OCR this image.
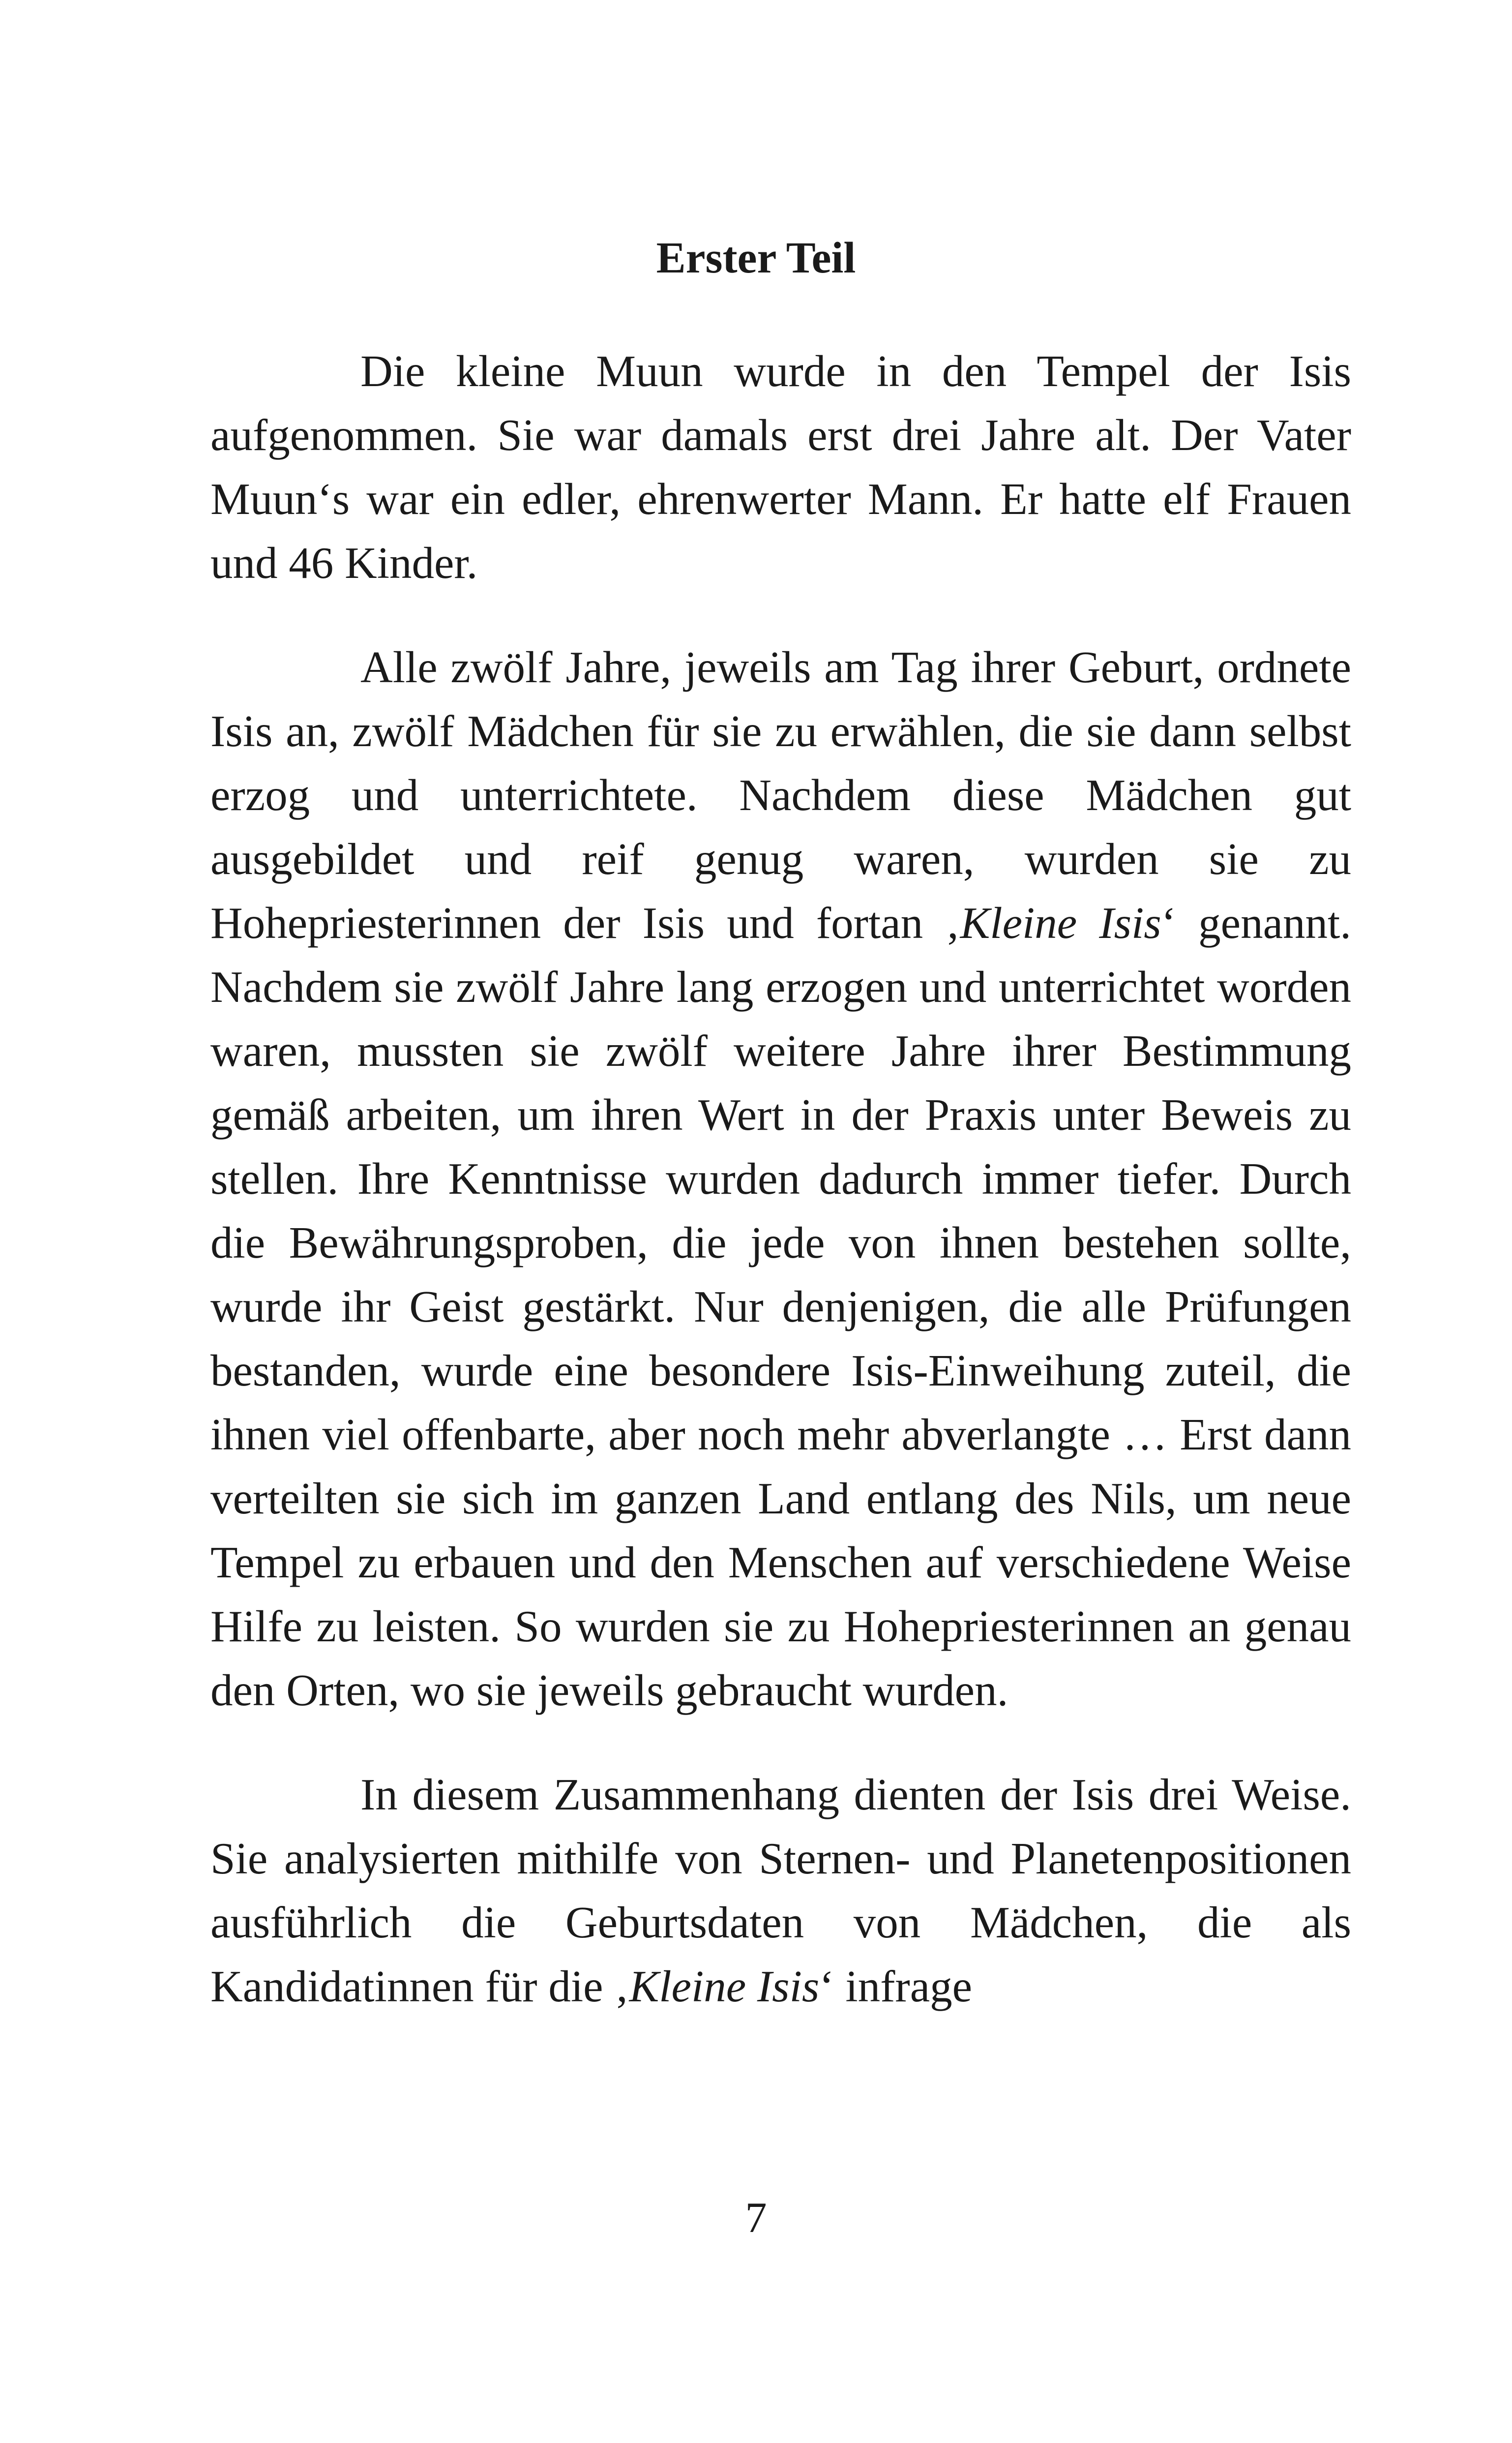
Erster Teil

Die kleine Muun wurde in den Tempel der Isis aufgenommen. Sie war damals erst drei Jahre alt. Der Vater Muun‘s war ein edler, ehrenwerter Mann. Er hatte elf Frauen und 46 Kinder.

Alle zwölf Jahre, jeweils am Tag ihrer Geburt, ordnete Isis an, zwölf Mädchen für sie zu erwählen, die sie dann selbst erzog und unterrichtete. Nachdem diese Mädchen gut ausgebildet und reif genug waren, wurden sie zu Hohepriesterinnen der Isis und fortan ‚Kleine Isis‘ genannt. Nachdem sie zwölf Jahre lang erzogen und unterrichtet worden waren, mussten sie zwölf weitere Jahre ihrer Bestimmung gemäß arbeiten, um ihren Wert in der Praxis unter Beweis zu stellen. Ihre Kenntnisse wurden dadurch immer tiefer. Durch die Bewährungsproben, die jede von ihnen bestehen sollte, wurde ihr Geist gestärkt. Nur denjenigen, die alle Prüfungen bestanden, wurde eine besondere Isis-Einweihung zuteil, die ihnen viel offenbarte, aber noch mehr abverlangte … Erst dann verteilten sie sich im ganzen Land entlang des Nils, um neue Tempel zu erbauen und den Menschen auf verschiedene Weise Hilfe zu leisten. So wurden sie zu Hohepriesterinnen an genau den Orten, wo sie jeweils gebraucht wurden.

In diesem Zusammenhang dienten der Isis drei Weise. Sie analysierten mithilfe von Sternen- und Planetenpositionen ausführlich die Geburtsdaten von Mädchen, die als Kandidatinnen für die ‚Kleine Isis‘ infrage

7
